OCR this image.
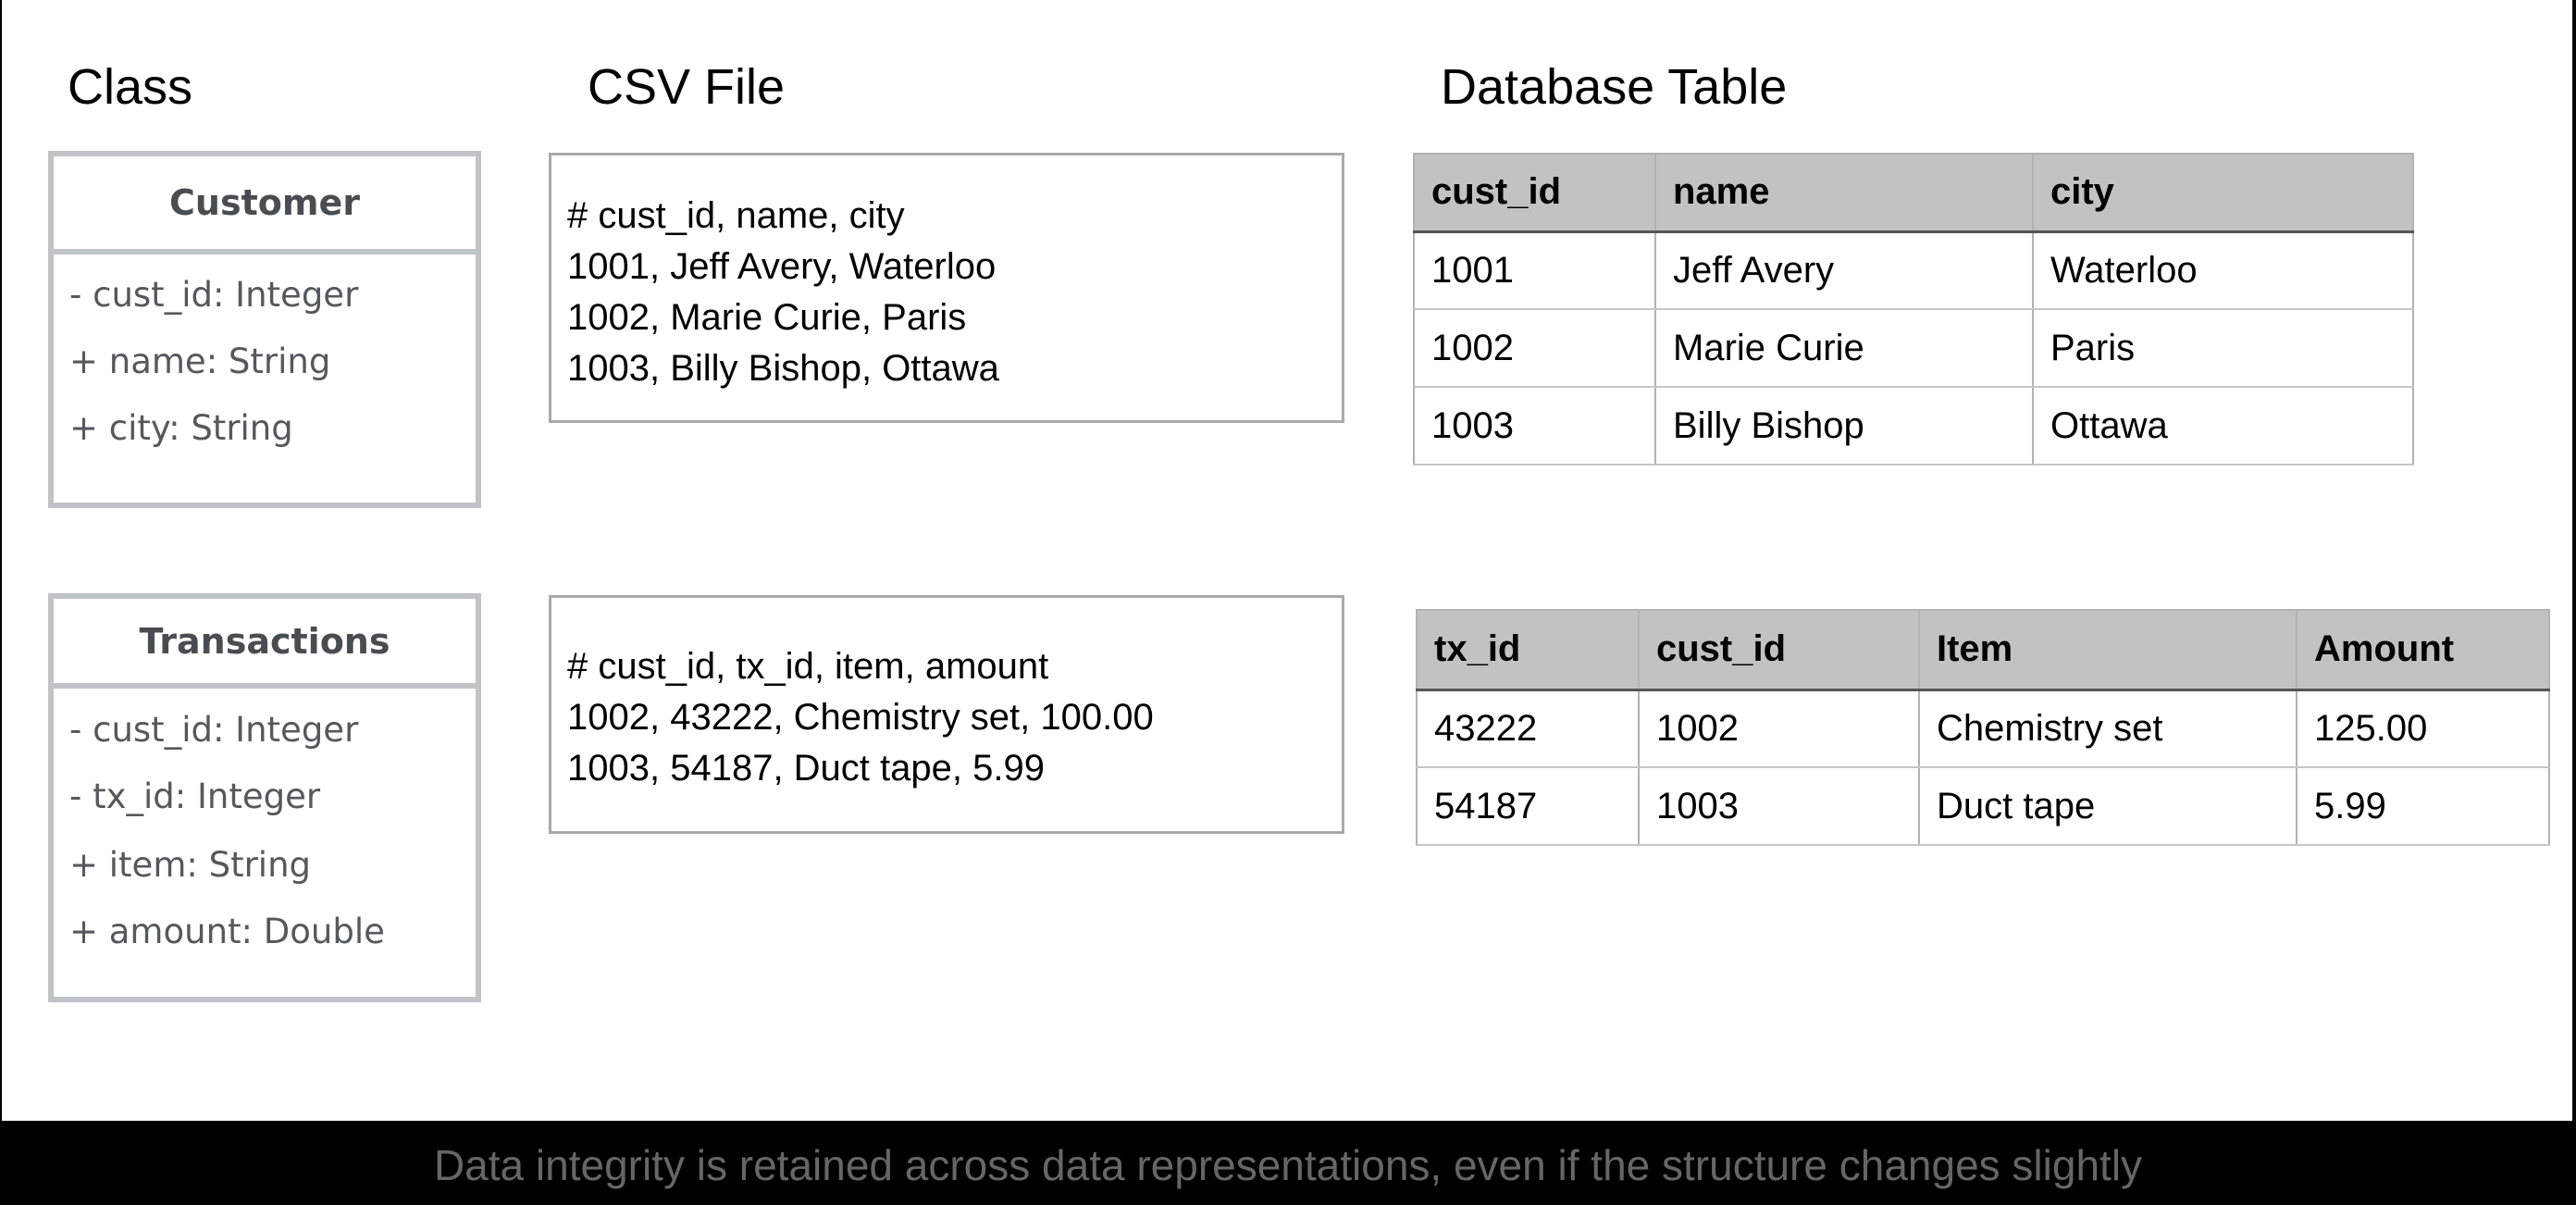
Class	CSV File	Database Table
Customer
- cust_id: Integer
+ name: String
+ city: String
Transactions
- cust_id: Integer
- tx_id: Integer
+ item: String
+ amount: Double
# cust_id, name, city
1001, Jeff Avery, Waterloo
1002, Marie Curie, Paris
1003, Billy Bishop, Ottawa
# cust_id, tx_id, item, amount
1002, 43222, Chemistry set, 100.00
1003, 54187, Duct tape, 5.99
cust_id	name	city
1001	Jeff Avery	Waterloo
1002	Marie Curie	Paris
1003	Billy Bishop	Ottawa
tx_id	cust_id	Item	Amount
43222	1002	Chemistry set	125.00
54187	1003	Duct tape	5.99
Data integrity is retained across data representations, even if the structure changes slightly
